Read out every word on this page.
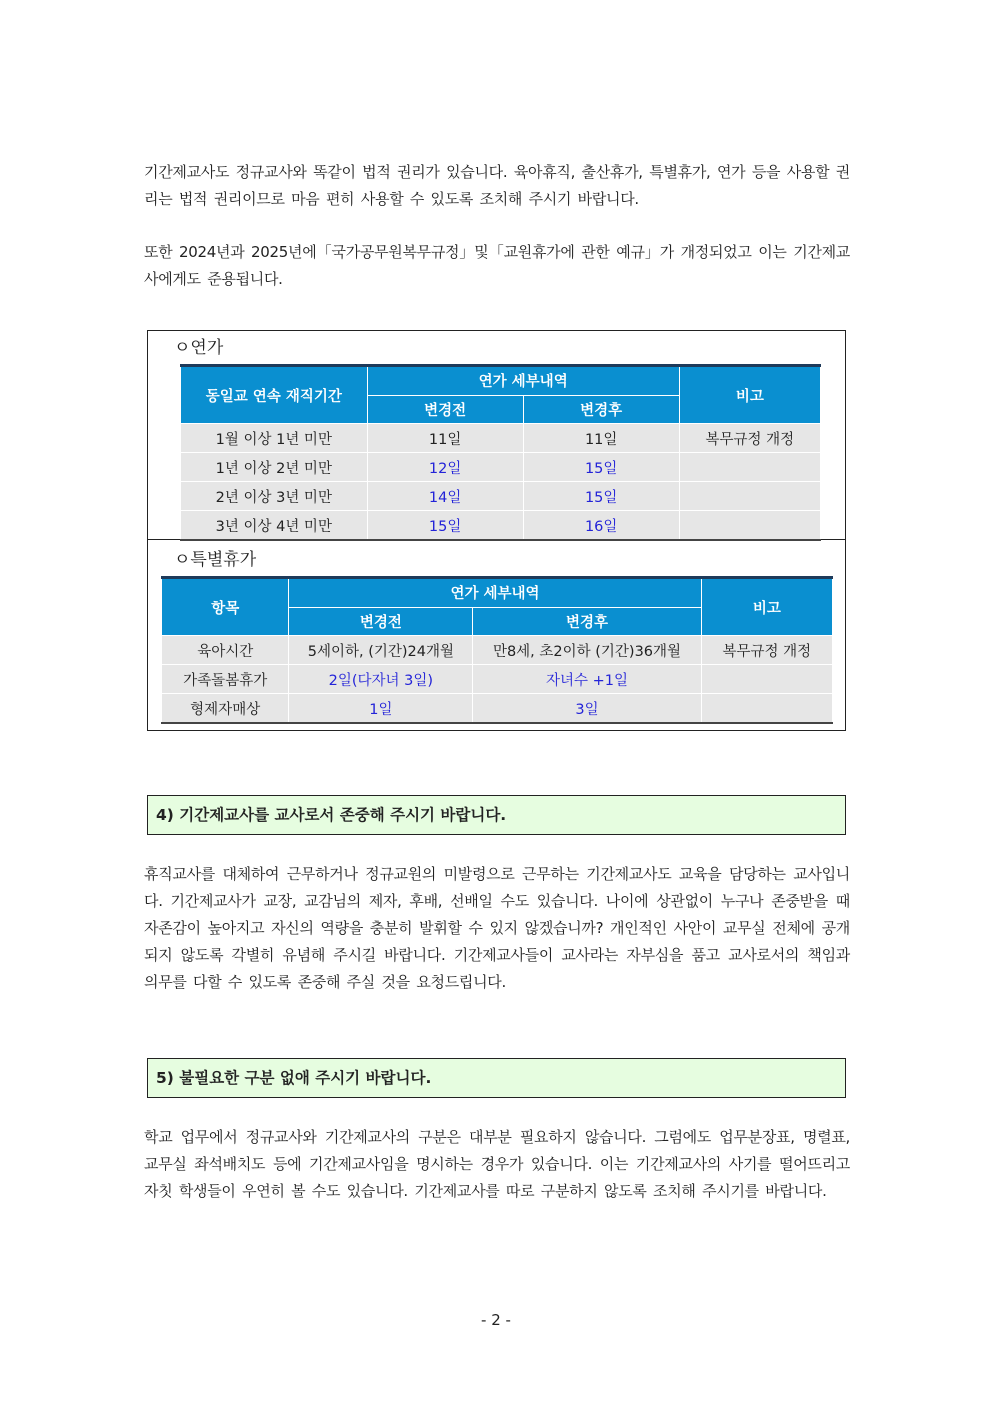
기간제교사도 정규교사와 똑같이 법적 권리가 있습니다. 육아휴직, 출산휴가, 특별휴가, 연가 등을 사용할 권리는 법적 권리이므로 마음 편히 사용할 수 있도록 조치해 주시기 바랍니다.
또한 2024년과 2025년에「국가공무원복무규정」및「교원휴가에 관한 예규」가 개정되었고 이는 기간제교사에게도 준용됩니다.
ㅇ연가
동일교 연속 재직기간	연가 세부내역		비고
	변경전	변경후	
1월 이상 1년 미만	11일	11일	복무규정 개정
1년 이상 2년 미만	12일	15일	
2년 이상 3년 미만	14일	15일	
3년 이상 4년 미만	15일	16일	
ㅇ특별휴가
항목	연가 세부내역		비고
	변경전	변경후	
육아시간	5세이하, (기간)24개월	만8세, 초2이하 (기간)36개월	복무규정 개정
가족돌봄휴가	2일(다자녀 3일)	자녀수 +1일	
형제자매상	1일	3일	
4) 기간제교사를 교사로서 존중해 주시기 바랍니다.
휴직교사를 대체하여 근무하거나 정규교원의 미발령으로 근무하는 기간제교사도 교육을 담당하는 교사입니다. 기간제교사가 교장, 교감님의 제자, 후배, 선배일 수도 있습니다. 나이에 상관없이 누구나 존중받을 때 자존감이 높아지고 자신의 역량을 충분히 발휘할 수 있지 않겠습니까? 개인적인 사안이 교무실 전체에 공개되지 않도록 각별히 유념해 주시길 바랍니다. 기간제교사들이 교사라는 자부심을 품고 교사로서의 책임과 의무를 다할 수 있도록 존중해 주실 것을 요청드립니다.
5) 불필요한 구분 없애 주시기 바랍니다.
학교 업무에서 정규교사와 기간제교사의 구분은 대부분 필요하지 않습니다. 그럼에도 업무분장표, 명렬표, 교무실 좌석배치도 등에 기간제교사임을 명시하는 경우가 있습니다. 이는 기간제교사의 사기를 떨어뜨리고 자칫 학생들이 우연히 볼 수도 있습니다. 기간제교사를 따로 구분하지 않도록 조치해 주시기를 바랍니다.
- 2 -
